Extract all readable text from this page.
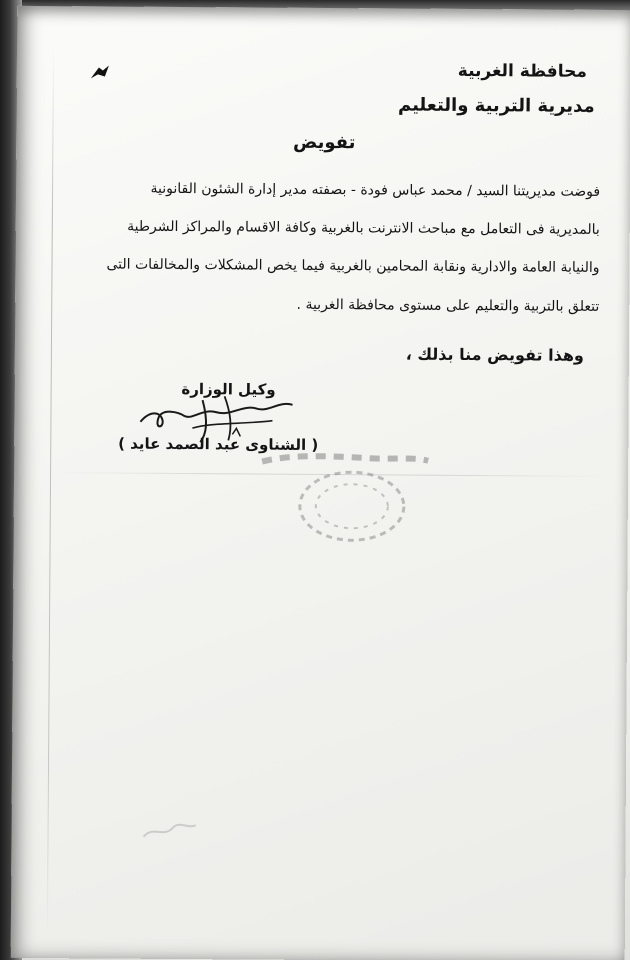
محافظة الغربية
مديرية التربية والتعليم
تفويض
فوضت مديريتنا السيد / محمد عباس فودة - بصفته مدير إدارة الشئون القانونية
بالمديرية فى التعامل مع مباحث الانترنت بالغربية وكافة الاقسام والمراكز الشرطية
والنيابة العامة والادارية ونقابة المحامين بالغربية فيما يخص المشكلات والمخالفات التى
تتعلق بالتربية والتعليم على مستوى محافظة الغربية .
وهذا تفويض منا بذلك ،
وكيل الوزارة
( الشناوى عبد الصمد عايد )
